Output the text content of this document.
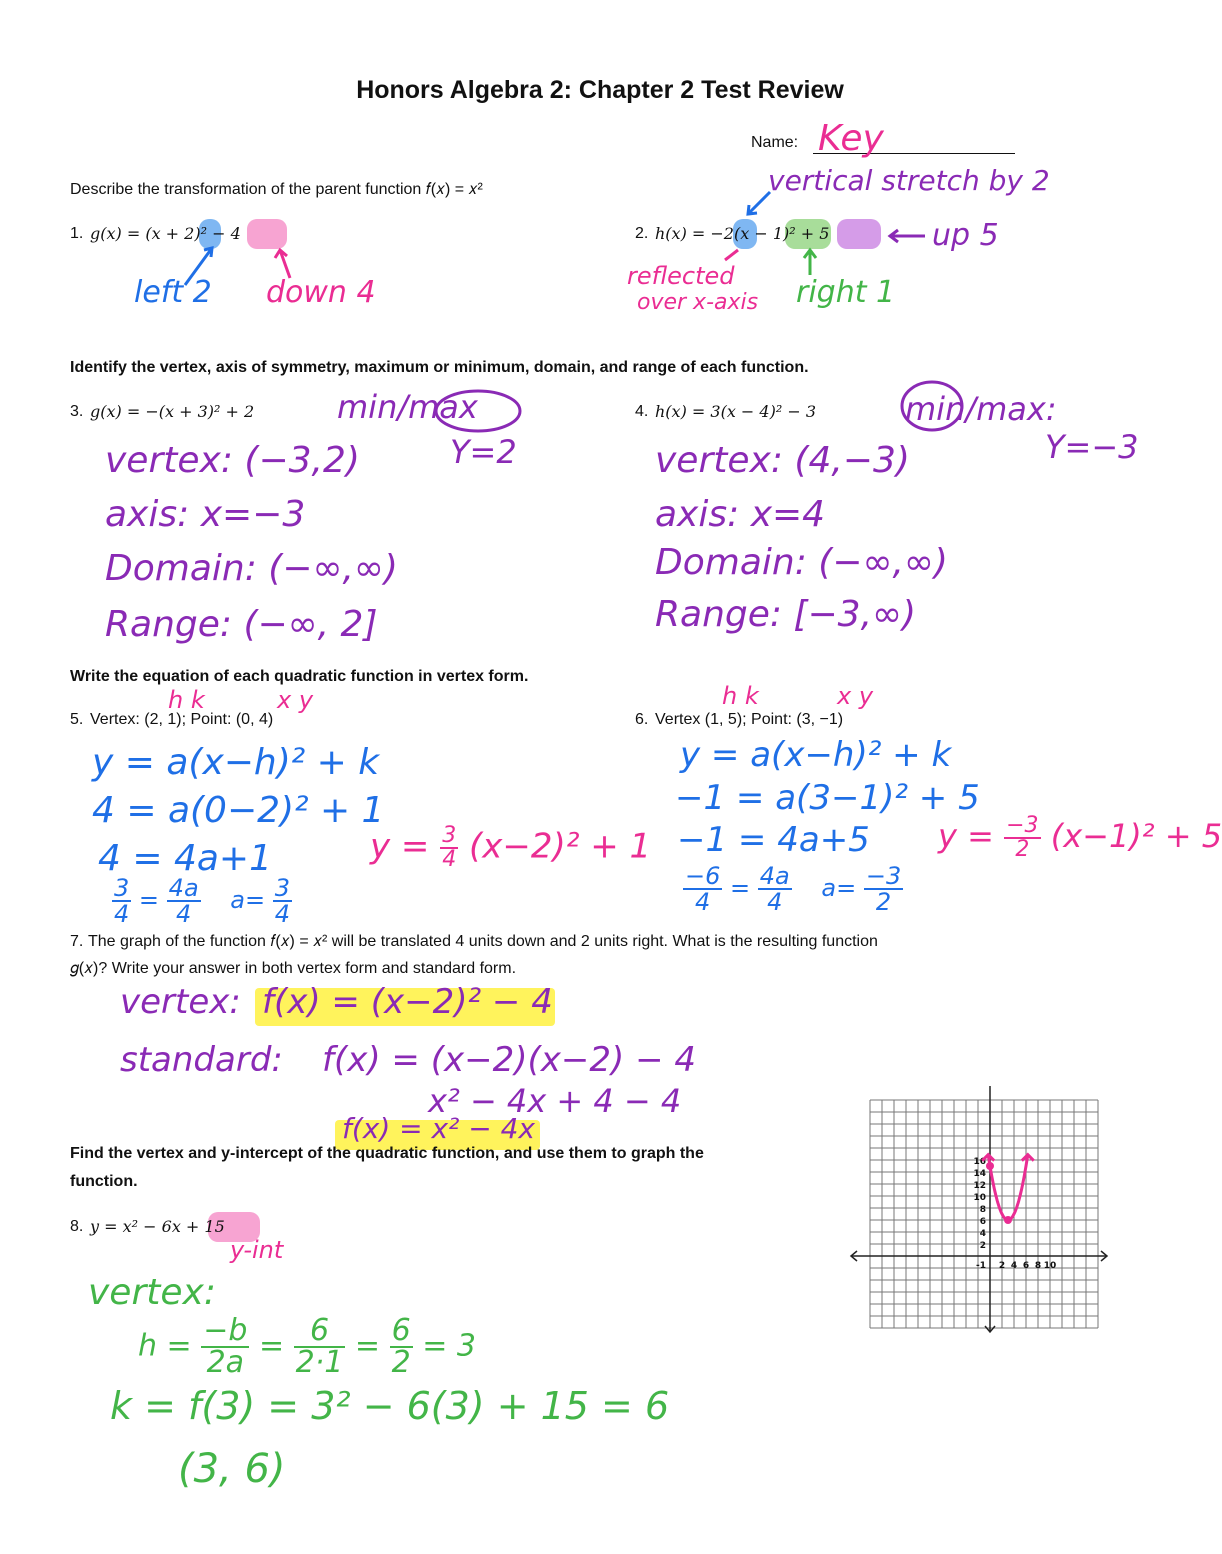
Honors Algebra 2: Chapter 2 Test Review
Name: Key
Describe the transformation of the parent function 𝑓(𝑥) = 𝑥²
1. 𝑔(𝑥) = (𝑥 + 2)² − 4
left 2 down 4
2. ℎ(𝑥) = −2(𝑥 − 1)² + 5
vertical stretch by 2
up 5
reflected
over x-axis right 1
Identify the vertex, axis of symmetry, maximum or minimum, domain, and range of each function.
3. 𝑔(𝑥) = −(𝑥 + 3)² + 2	min/max
Y=2
vertex: (−3,2)
axis: x=−3
Domain: (−∞,∞)
Range: (−∞, 2]
4. ℎ(𝑥) = 3(𝑥 − 4)² − 3	min/max:
Y=−3
vertex: (4,−3)
axis: x=4
Domain: (−∞,∞)
Range: [−3,∞)
Write the equation of each quadratic function in vertex form.
h k	x y
5. Vertex: (2, 1); Point: (0, 4)
y = a(x−h)² + k
4 = a(0−2)² + 1
4 = 4a+1
$\frac{3}{4} = \frac{4a}{4} a= \frac{3}{4}$
$y = \frac{3}{4} (x-2)^2 + 1$
h k	x y
6. Vertex (1, 5); Point: (3, −1)
y = a(x−h)² + k
−1 = a(3−1)² + 5
−1 = 4a+5
$\frac{-6}{4} = \frac{4a}{4} a= \frac{-3}{2}$
$y = \frac{-3}{2} (x-1)^2 + 5$
7. The graph of the function 𝑓(𝑥) = 𝑥² will be translated 4 units down and 2 units right. What is the resulting function
𝑔(𝑥)? Write your answer in both vertex form and standard form.
vertex: f(x) = (x−2)² − 4
standard: f(x) = (x−2)(x−2) − 4
x² − 4x + 4 − 4
f(x) = x² − 4x
Find the vertex and y-intercept of the quadratic function, and use them to graph the
function.
8. 𝑦 = 𝑥² − 6𝑥 + 15
y-int
vertex:
$h = \frac{-b}{2a} = \frac{6}{2\cdot 1} = \frac{6}{2} = 3$
k = f(3) = 3² − 6(3) + 15 = 6
(3, 6)
16
14
12
10
8
6
4
2
2 4 6 8 10
-1
